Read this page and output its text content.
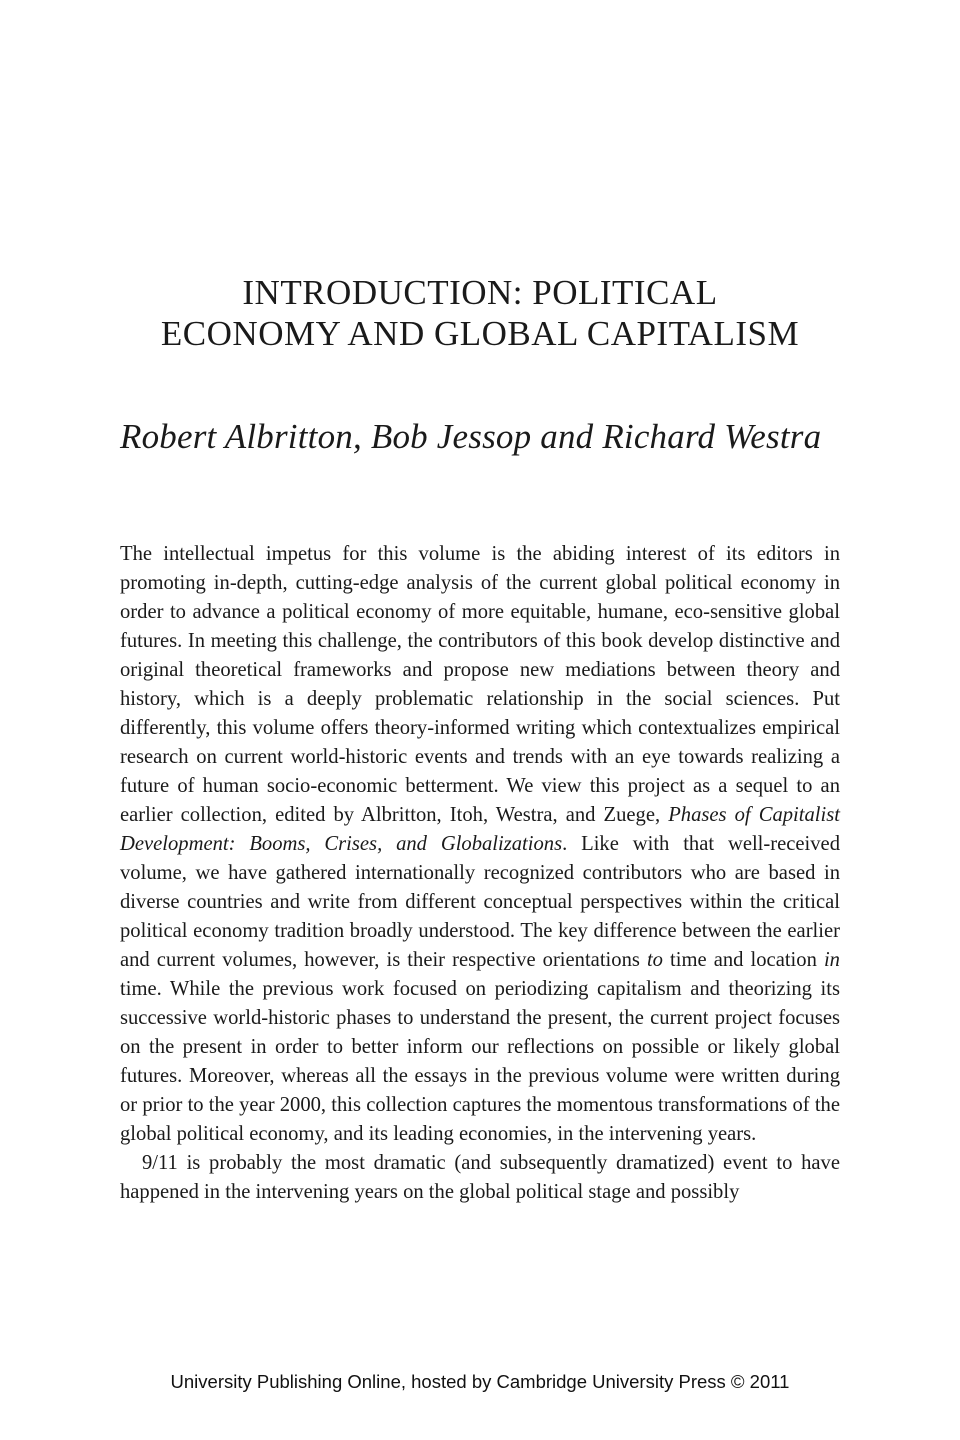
INTRODUCTION: POLITICAL
ECONOMY AND GLOBAL CAPITALISM

Robert Albritton, Bob Jessop and Richard Westra

The intellectual impetus for this volume is the abiding interest of its editors in promoting in-depth, cutting-edge analysis of the current global political economy in order to advance a political economy of more equitable, humane, eco-sensitive global futures. In meeting this challenge, the contributors of this book develop distinctive and original theoretical frameworks and propose new mediations between theory and history, which is a deeply problematic relationship in the social sciences. Put differently, this volume offers theory-informed writing which contextualizes empirical research on current world-historic events and trends with an eye towards realizing a future of human socio-economic betterment. We view this project as a sequel to an earlier collection, edited by Albritton, Itoh, Westra, and Zuege, Phases of Capitalist Development: Booms, Crises, and Globalizations. Like with that well-received volume, we have gathered internationally recognized contributors who are based in diverse countries and write from different conceptual perspectives within the critical political economy tradition broadly understood. The key difference between the earlier and current volumes, however, is their respective orientations to time and location in time. While the previous work focused on periodizing capitalism and theorizing its successive world-historic phases to understand the present, the current project focuses on the present in order to better inform our reflections on possible or likely global futures. Moreover, whereas all the essays in the previous volume were written during or prior to the year 2000, this collection captures the momentous transformations of the global political economy, and its leading economies, in the intervening years.

9/11 is probably the most dramatic (and subsequently dramatized) event to have happened in the intervening years on the global political stage and possibly

University Publishing Online, hosted by Cambridge University Press © 2011
